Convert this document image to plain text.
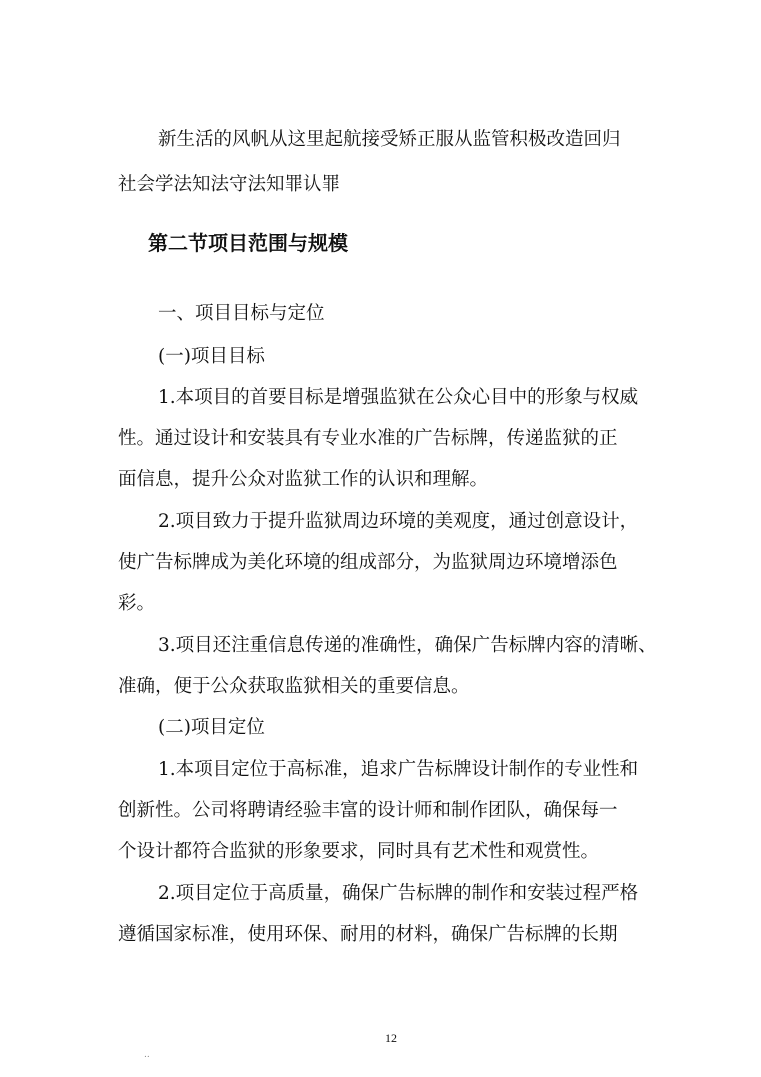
新生活的风帆从这里起航接受矫正服从监管积极改造回归
社会学法知法守法知罪认罪
第二节项目范围与规模
一、项目目标与定位
(一)项目目标
1.本项目的首要目标是增强监狱在公众心目中的形象与权威
性。通过设计和安装具有专业水准的广告标牌，传递监狱的正
面信息，提升公众对监狱工作的认识和理解。
2.项目致力于提升监狱周边环境的美观度，通过创意设计，
使广告标牌成为美化环境的组成部分，为监狱周边环境增添色
彩。
3.项目还注重信息传递的准确性，确保广告标牌内容的清晰、
准确，便于公众获取监狱相关的重要信息。
(二)项目定位
1.本项目定位于高标准，追求广告标牌设计制作的专业性和
创新性。公司将聘请经验丰富的设计师和制作团队，确保每一
个设计都符合监狱的形象要求，同时具有艺术性和观赏性。
2.项目定位于高质量，确保广告标牌的制作和安装过程严格
遵循国家标准，使用环保、耐用的材料，确保广告标牌的长期
12
..
